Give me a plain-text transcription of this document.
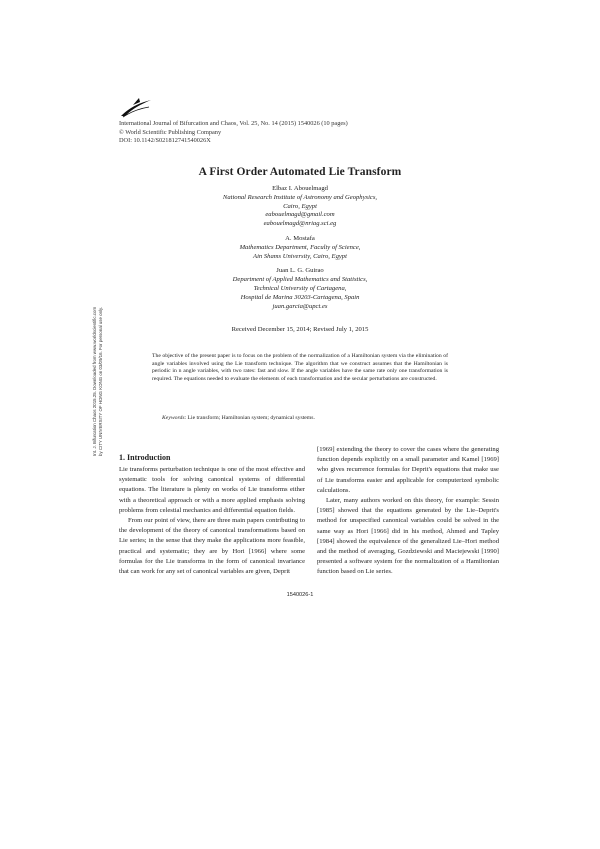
International Journal of Bifurcation and Chaos, Vol. 25, No. 14 (2015) 1540026 (10 pages)
© World Scientific Publishing Company
DOI: 10.1142/S021812741540026X
A First Order Automated Lie Transform
Elbaz I. Abouelmagd
National Research Institute of Astronomy and Geophysics,
Cairo, Egypt
eabouelmagd@gmail.com
eabouelmagd@nriag.sci.eg
A. Mostafa
Mathematics Department, Faculty of Science,
Ain Shams University, Cairo, Egypt
Juan L. G. Guirao
Department of Applied Mathematics and Statistics,
Technical University of Cartagena,
Hospital de Marina 30203-Cartagena, Spain
juan.garcia@upct.es
Received December 15, 2014; Revised July 1, 2015

The objective of the present paper is to focus on the problem of the normalization of a Hamiltonian system via the elimination of angle variables involved using the Lie transform technique. The algorithm that we construct assumes that the Hamiltonian is periodic in n angle variables, with two rates: fast and slow. If the angle variables have the same rate only one transformation is required. The equations needed to evaluate the elements of each transformation and the secular perturbations are constructed.

Keywords: Lie transform; Hamiltonian system; dynamical systems.
Int. J. Bifurcation Chaos 2015.25. Downloaded from www.worldscientific.com by CITY UNIVERSITY OF HONG KONG on 03/09/16. For personal use only.
1. Introduction

Lie transforms perturbation technique is one of the most effective and systematic tools for solving canonical systems of differential equations. The literature is plenty on works of Lie transforms either with a theoretical approach or with a more applied emphasis solving problems from celestial mechanics and differential equation fields.

From our point of view, there are three main papers contributing to the development of the theory of canonical transformations based on Lie series; in the sense that they make the applications more feasible, practical and systematic; they are by Hori [1966] where some formulas for the Lie transforms in the form of canonical invariance that can work for any set of canonical variables are given, Deprit

[1969] extending the theory to cover the cases where the generating function depends explicitly on a small parameter and Kamel [1969] who gives recurrence formulas for Deprit's equations that make use of Lie transforms easier and applicable for computerized symbolic calculations.

Later, many authors worked on this theory, for example: Sessin [1985] showed that the equations generated by the Lie–Deprit's method for unspecified canonical variables could be solved in the same way as Hori [1966] did in his method, Ahmed and Tapley [1984] showed the equivalence of the generalized Lie–Hori method and the method of averaging, Gozdziewski and Maciejewski [1990] presented a software system for the normalization of a Hamiltonian function based on Lie series.

1540026-1
